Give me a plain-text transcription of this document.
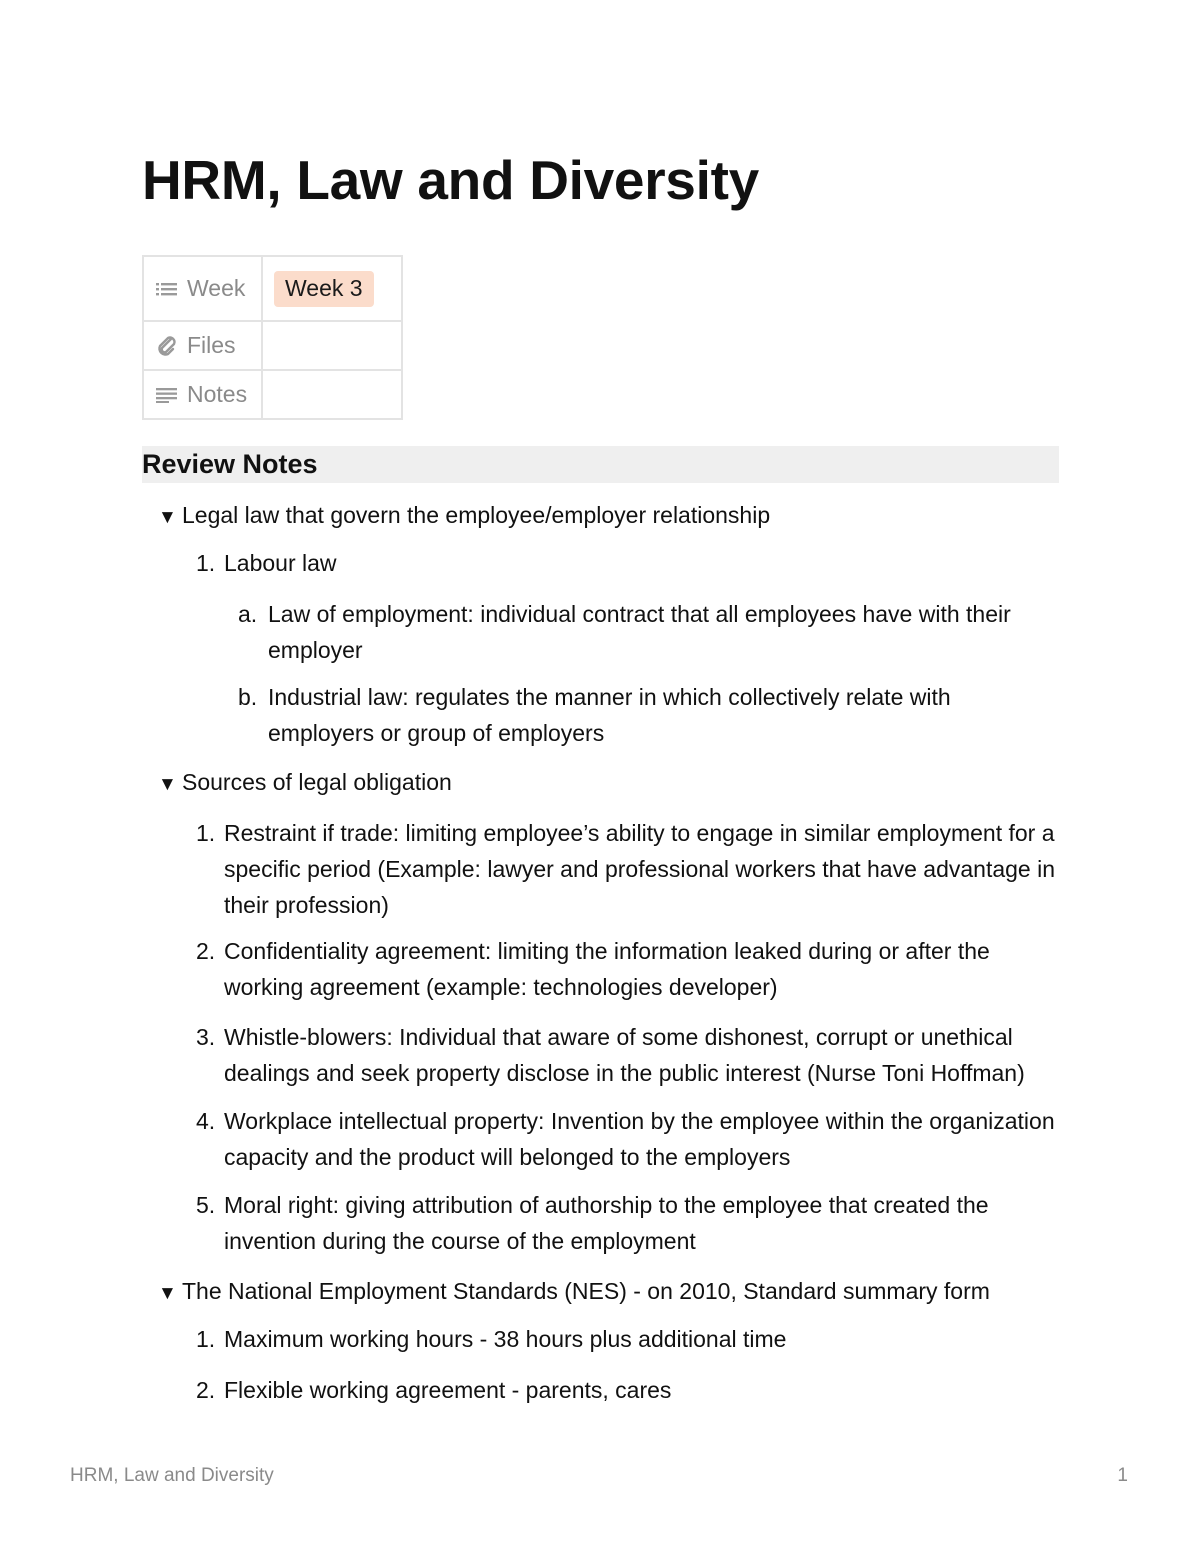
HRM, Law and Diversity
Week	Week 3

Files	

Notes	

Review Notes
▼ Legal law that govern the employee/employer relationship
1. Labour law
a. Law of employment: individual contract that all employees have with their employer
b. Industrial law: regulates the manner in which collectively relate with employers or group of employers
▼ Sources of legal obligation
1. Restraint if trade: limiting employee’s ability to engage in similar employment for a specific period (Example: lawyer and professional workers that have advantage in their profession)
2. Confidentiality agreement: limiting the information leaked during or after the working agreement (example: technologies developer)
3. Whistle-blowers: Individual that aware of some dishonest, corrupt or unethical dealings and seek property disclose in the public interest (Nurse Toni Hoffman)
4. Workplace intellectual property: Invention by the employee within the organization capacity and the product will belonged to the employers
5. Moral right: giving attribution of authorship to the employee that created the invention during the course of the employment
▼ The National Employment Standards (NES) - on 2010, Standard summary form
1. Maximum working hours - 38 hours plus additional time
2. Flexible working agreement - parents, cares
HRM, Law and Diversity	1
